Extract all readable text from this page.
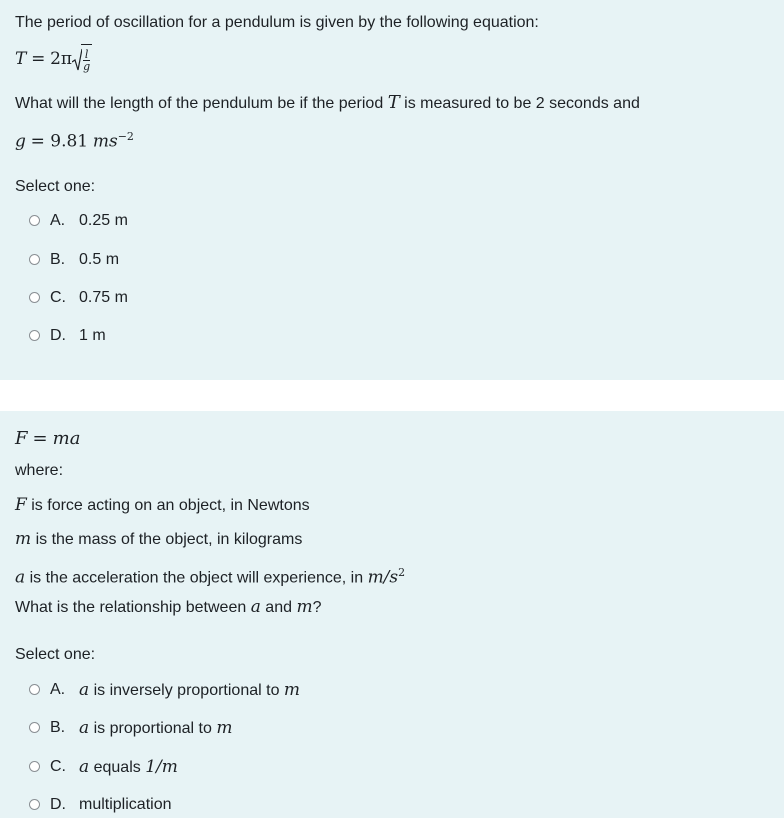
The period of oscillation for a pendulum is given by the following equation:
$T = 2\pi \frac{l}{g}$
What will the length of the pendulum be if the period T is measured to be 2 seconds and
g = 9.81 $ms^{-2}$
Select one:
A. 0.25 m
B. 0.5 m
C. 0.75 m
D. 1 m
F = ma
where:
F is force acting on an object, in Newtons
m is the mass of the object, in kilograms
a is the acceleration the object will experience, in $m/s^2$
What is the relationship between a and m?
Select one:
A. a is inversely proportional to m
B. a is proportional to m
C. a equals 1/m
D. multiplication
